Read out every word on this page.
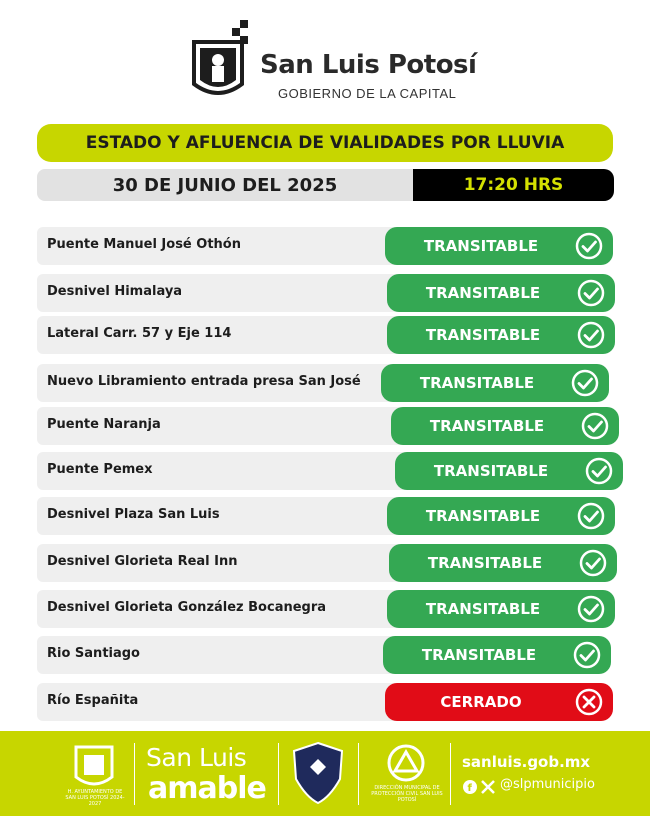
San Luis Potosí
GOBIERNO DE LA CAPITAL
ESTADO Y AFLUENCIA DE VIALIDADES POR LLUVIA
30 DE JUNIO DEL 2025	17:20 HRS
Puente Manuel José Othón	TRANSITABLE
Desnivel Himalaya	TRANSITABLE
Lateral Carr. 57 y Eje 114	TRANSITABLE
Nuevo Libramiento entrada presa San José	TRANSITABLE
Puente Naranja	TRANSITABLE
Puente Pemex	TRANSITABLE
Desnivel Plaza San Luis	TRANSITABLE
Desnivel Glorieta Real Inn	TRANSITABLE
Desnivel Glorieta González Bocanegra	TRANSITABLE
Rio Santiago	TRANSITABLE
Río Españita	CERRADO
H. AYUNTAMIENTO DE SAN LUIS POTOSÍ 2024-2027
San Luis
amable	DIRECCIÓN MUNICIPAL DE PROTECCIÓN CIVIL SAN LUIS POTOSÍ
sanluis.gob.mx
f @slpmunicipio
